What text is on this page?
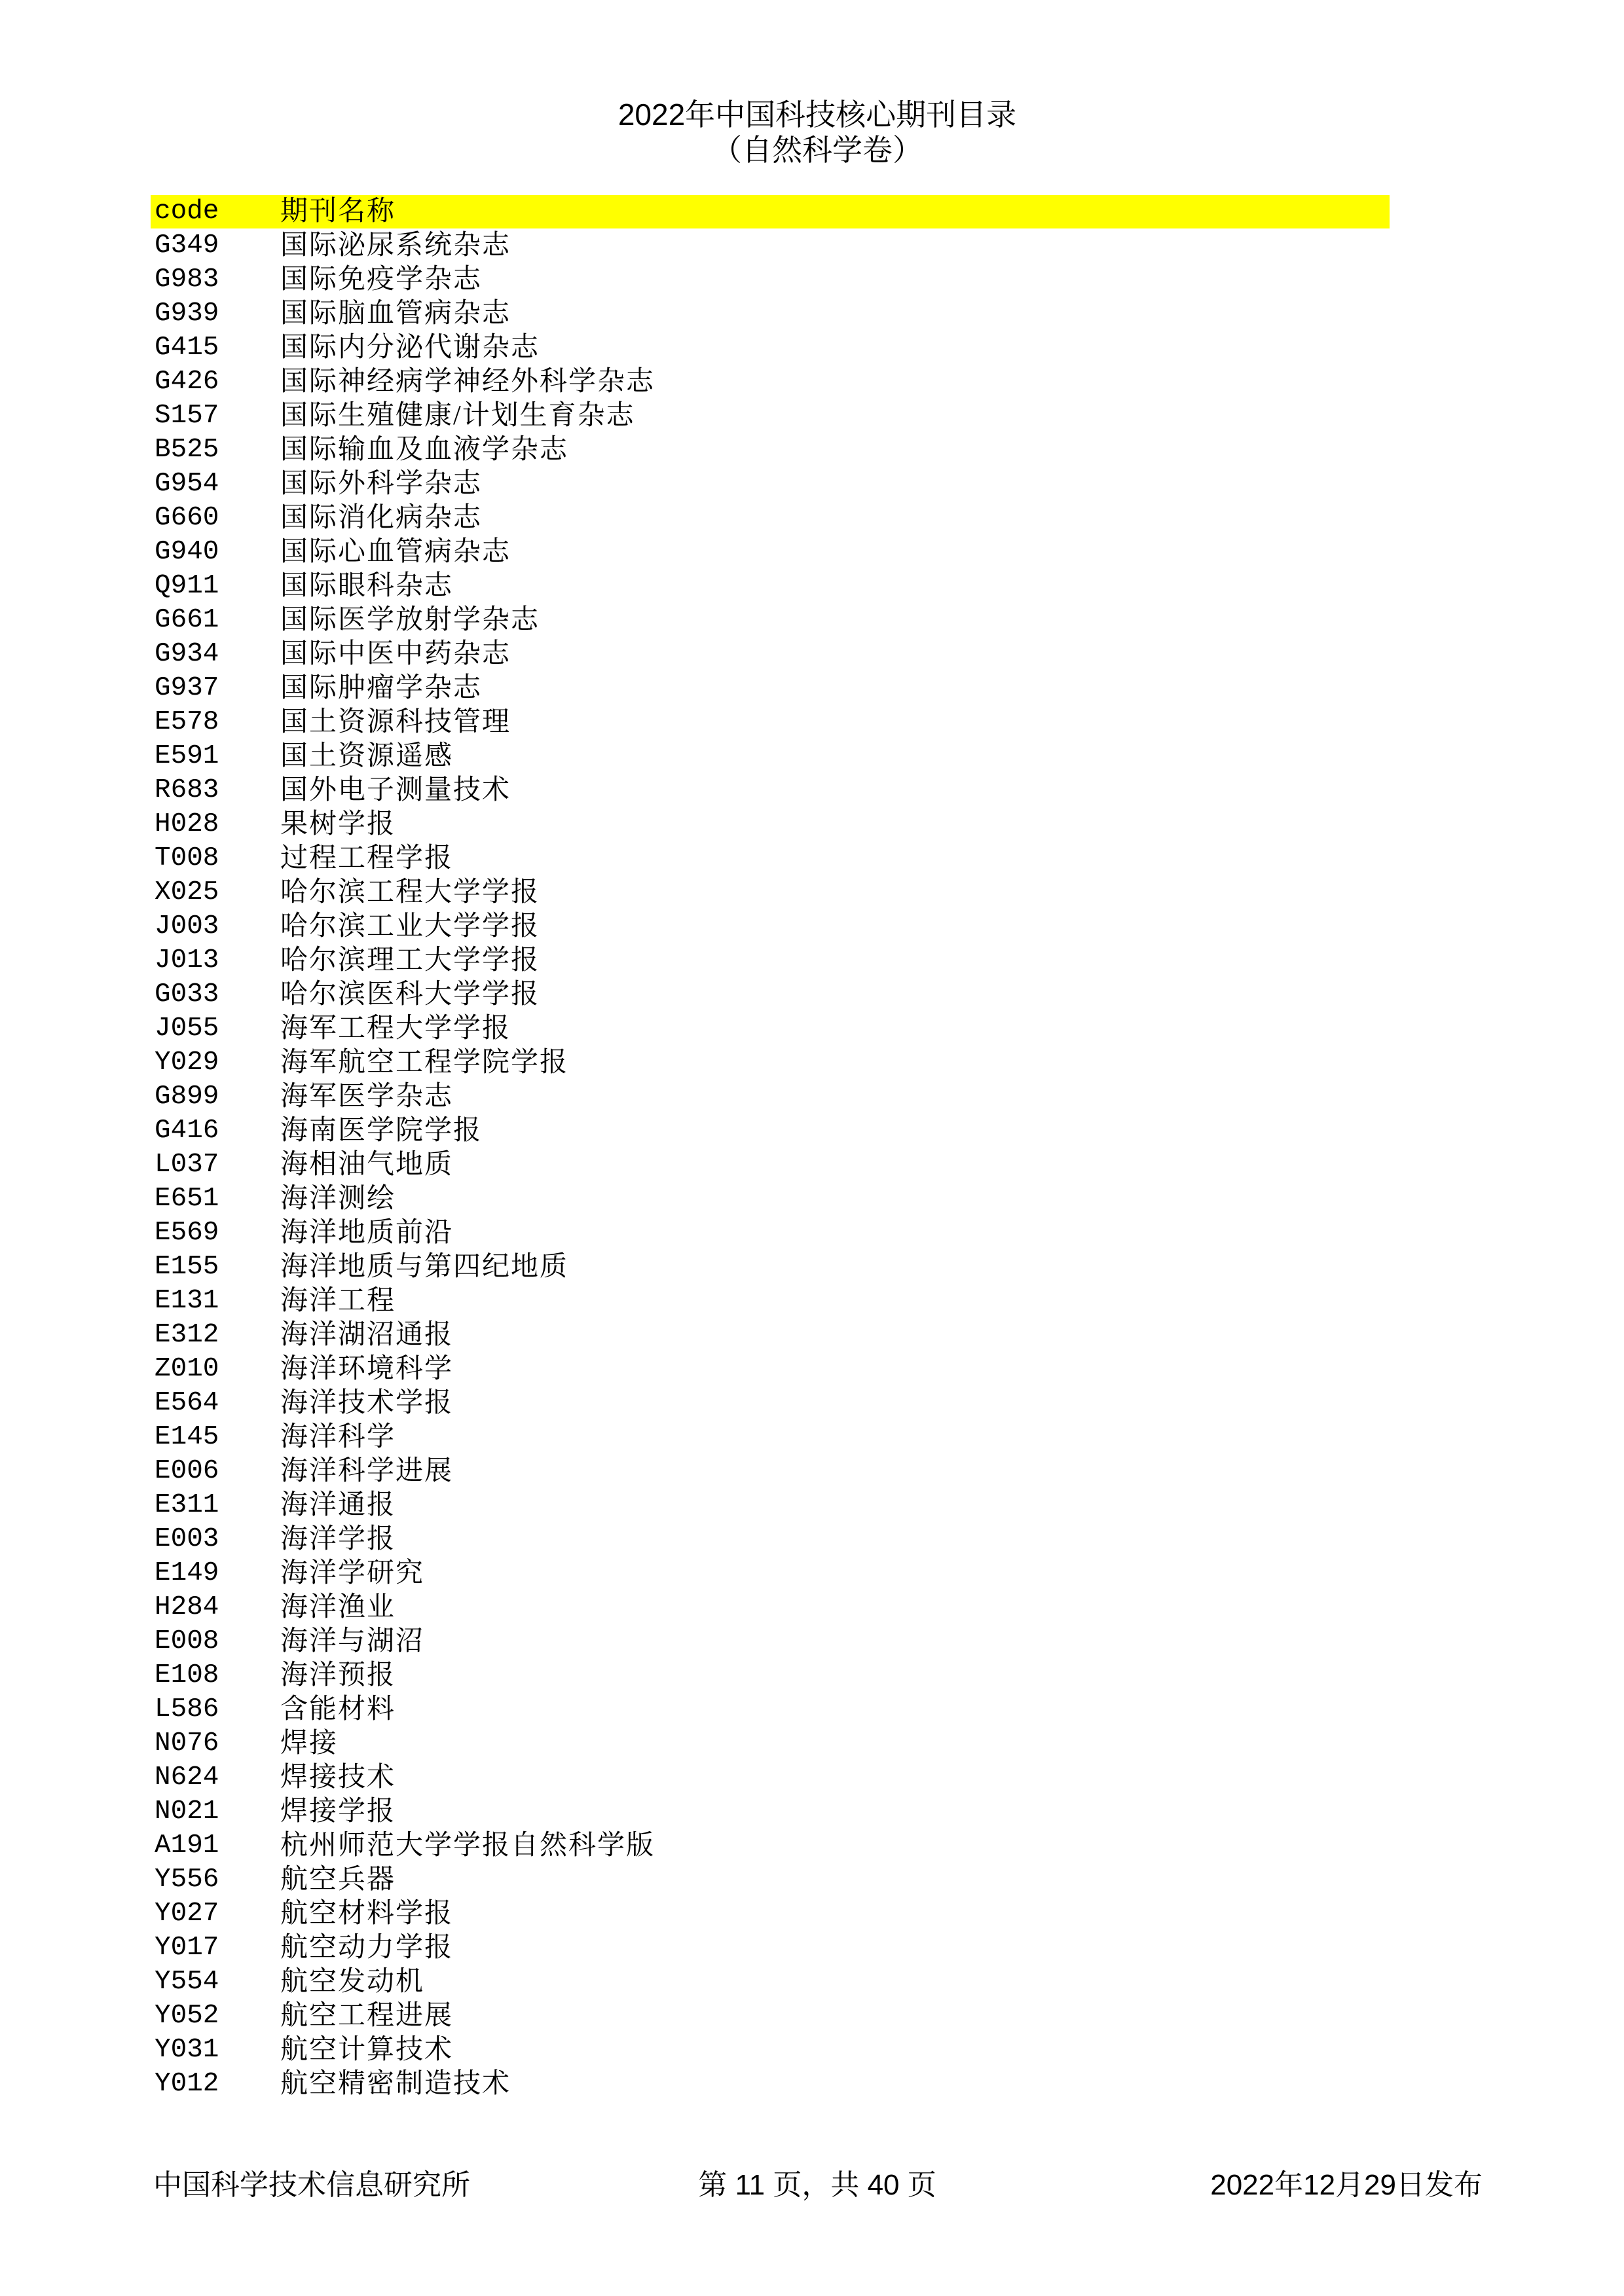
2022年中国科技核心期刊目录
（自然科学卷）
code 期刊名称
G349 国际泌尿系统杂志
G983 国际免疫学杂志
G939 国际脑血管病杂志
G415 国际内分泌代谢杂志
G426 国际神经病学神经外科学杂志
S157 国际生殖健康/计划生育杂志
B525 国际输血及血液学杂志
G954 国际外科学杂志
G660 国际消化病杂志
G940 国际心血管病杂志
Q911 国际眼科杂志
G661 国际医学放射学杂志
G934 国际中医中药杂志
G937 国际肿瘤学杂志
E578 国土资源科技管理
E591 国土资源遥感
R683 国外电子测量技术
H028 果树学报
T008 过程工程学报
X025 哈尔滨工程大学学报
J003 哈尔滨工业大学学报
J013 哈尔滨理工大学学报
G033 哈尔滨医科大学学报
J055 海军工程大学学报
Y029 海军航空工程学院学报
G899 海军医学杂志
G416 海南医学院学报
L037 海相油气地质
E651 海洋测绘
E569 海洋地质前沿
E155 海洋地质与第四纪地质
E131 海洋工程
E312 海洋湖沼通报
Z010 海洋环境科学
E564 海洋技术学报
E145 海洋科学
E006 海洋科学进展
E311 海洋通报
E003 海洋学报
E149 海洋学研究
H284 海洋渔业
E008 海洋与湖沼
E108 海洋预报
L586 含能材料
N076 焊接
N624 焊接技术
N021 焊接学报
A191 杭州师范大学学报自然科学版
Y556 航空兵器
Y027 航空材料学报
Y017 航空动力学报
Y554 航空发动机
Y052 航空工程进展
Y031 航空计算技术
Y012 航空精密制造技术
中国科学技术信息研究所	第 11 页，共 40 页	2022年12月29日发布
